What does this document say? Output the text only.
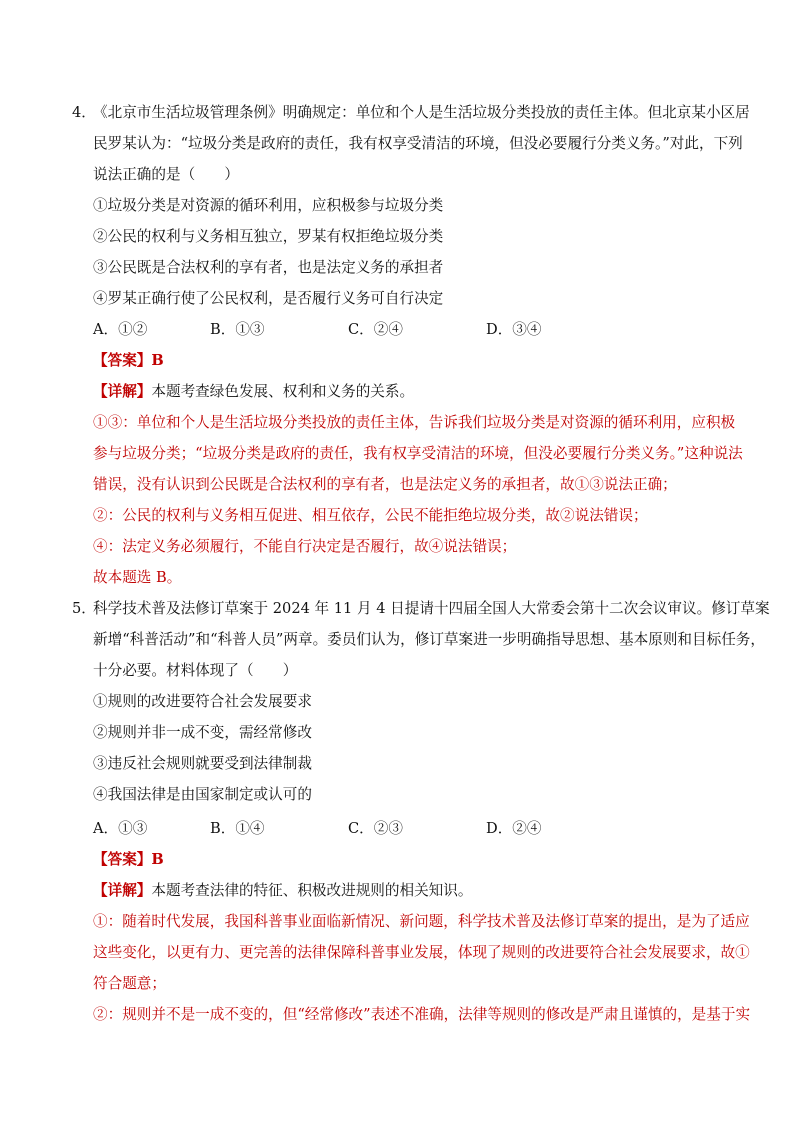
4．
《北京市生活垃圾管理条例》明确规定：单位和个人是生活垃圾分类投放的责任主体。但北京某小区居
民罗某认为：“垃圾分类是政府的责任，我有权享受清洁的环境，但没必要履行分类义务。”对此，下列
说法正确的是（　　）
①垃圾分类是对资源的循环利用，应积极参与垃圾分类
②公民的权利与义务相互独立，罗某有权拒绝垃圾分类
③公民既是合法权利的享有者，也是法定义务的承担者
④罗某正确行使了公民权利，是否履行义务可自行决定
A．①②	B．①③	C．②④	D．③④
【答案】B
【详解】本题考查绿色发展、权利和义务的关系。
①③：单位和个人是生活垃圾分类投放的责任主体，告诉我们垃圾分类是对资源的循环利用，应积极
参与垃圾分类；“垃圾分类是政府的责任，我有权享受清洁的环境，但没必要履行分类义务。”这种说法
错误，没有认识到公民既是合法权利的享有者，也是法定义务的承担者，故①③说法正确；
②：公民的权利与义务相互促进、相互依存，公民不能拒绝垃圾分类，故②说法错误；
④：法定义务必须履行，不能自行决定是否履行，故④说法错误；
故本题选 B。
5．
科学技术普及法修订草案于 2024 年 11 月 4 日提请十四届全国人大常委会第十二次会议审议。修订草案
新增“科普活动”和“科普人员”两章。委员们认为，修订草案进一步明确指导思想、基本原则和目标任务，
十分必要。材料体现了（　　）
①规则的改进要符合社会发展要求
②规则并非一成不变，需经常修改
③违反社会规则就要受到法律制裁
④我国法律是由国家制定或认可的
A．①③	B．①④	C．②③	D．②④
【答案】B
【详解】本题考查法律的特征、积极改进规则的相关知识。
①：随着时代发展，我国科普事业面临新情况、新问题，科学技术普及法修订草案的提出，是为了适应
这些变化，以更有力、更完善的法律保障科普事业发展，体现了规则的改进要符合社会发展要求，故①
符合题意；
②：规则并不是一成不变的，但“经常修改”表述不准确，法律等规则的修改是严肃且谨慎的，是基于实
